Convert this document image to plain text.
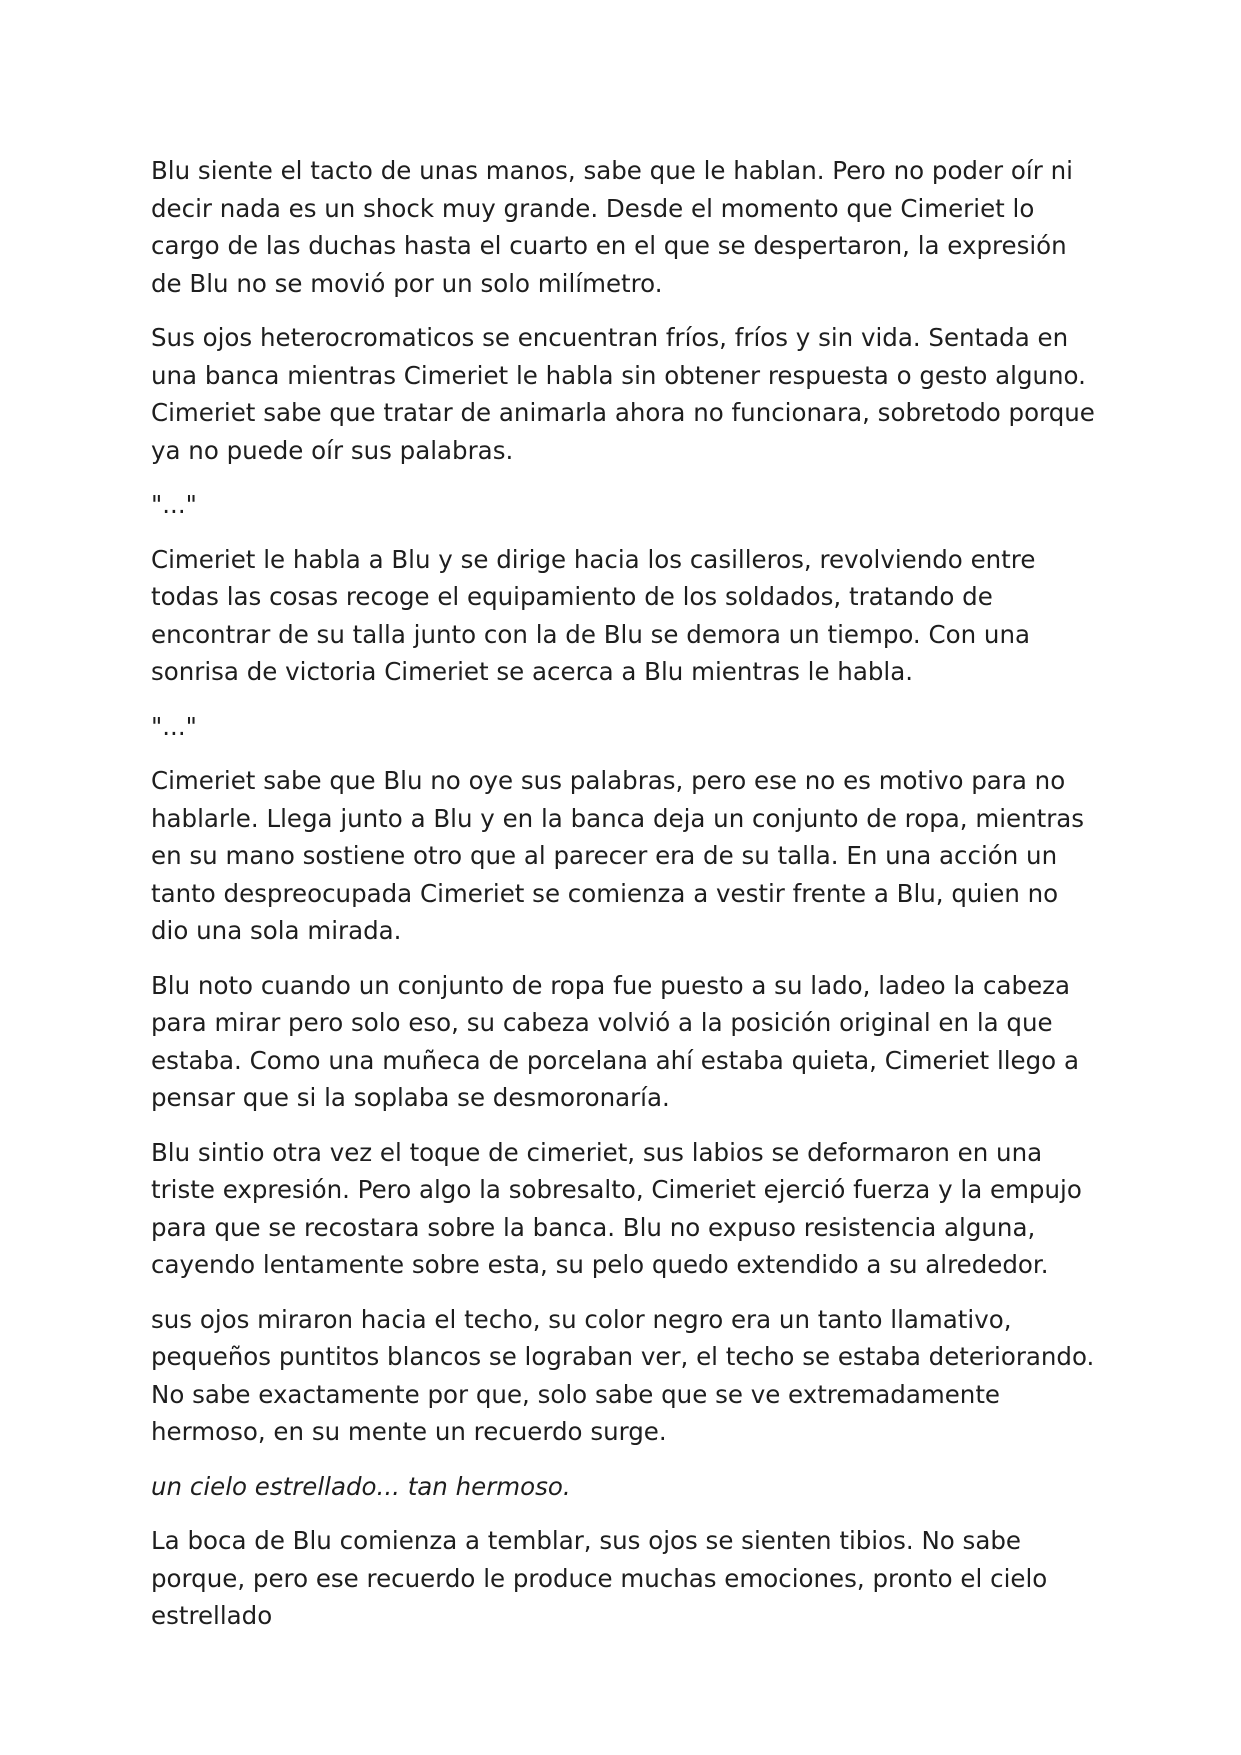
Blu siente el tacto de unas manos, sabe que le hablan. Pero no poder oír ni decir nada es un shock muy grande. Desde el momento que Cimeriet lo cargo de las duchas hasta el cuarto en el que se despertaron, la expresión de Blu no se movió por un solo milímetro.

Sus ojos heterocromaticos se encuentran fríos, fríos y sin vida. Sentada en una banca mientras Cimeriet le habla sin obtener respuesta o gesto alguno. Cimeriet sabe que tratar de animarla ahora no funcionara, sobretodo porque ya no puede oír sus palabras.

"..."

Cimeriet le habla a Blu y se dirige hacia los casilleros, revolviendo entre todas las cosas recoge el equipamiento de los soldados, tratando de encontrar de su talla junto con la de Blu se demora un tiempo. Con una sonrisa de victoria Cimeriet se acerca a Blu mientras le habla.

"..."

Cimeriet sabe que Blu no oye sus palabras, pero ese no es motivo para no hablarle. Llega junto a Blu y en la banca deja un conjunto de ropa, mientras en su mano sostiene otro que al parecer era de su talla. En una acción un tanto despreocupada Cimeriet se comienza a vestir frente a Blu, quien no dio una sola mirada.

Blu noto cuando un conjunto de ropa fue puesto a su lado, ladeo la cabeza para mirar pero solo eso, su cabeza volvió a la posición original en la que estaba. Como una muñeca de porcelana ahí estaba quieta, Cimeriet llego a pensar que si la soplaba se desmoronaría.

Blu sintio otra vez el toque de cimeriet, sus labios se deformaron en una triste expresión. Pero algo la sobresalto, Cimeriet ejerció fuerza y la empujo para que se recostara sobre la banca. Blu no expuso resistencia alguna, cayendo lentamente sobre esta, su pelo quedo extendido a su alrededor.

sus ojos miraron hacia el techo, su color negro era un tanto llamativo, pequeños puntitos blancos se lograban ver, el techo se estaba deteriorando. No sabe exactamente por que, solo sabe que se ve extremadamente hermoso, en su mente un recuerdo surge.

un cielo estrellado... tan hermoso.

La boca de Blu comienza a temblar, sus ojos se sienten tibios. No sabe porque, pero ese recuerdo le produce muchas emociones, pronto el cielo estrellado
